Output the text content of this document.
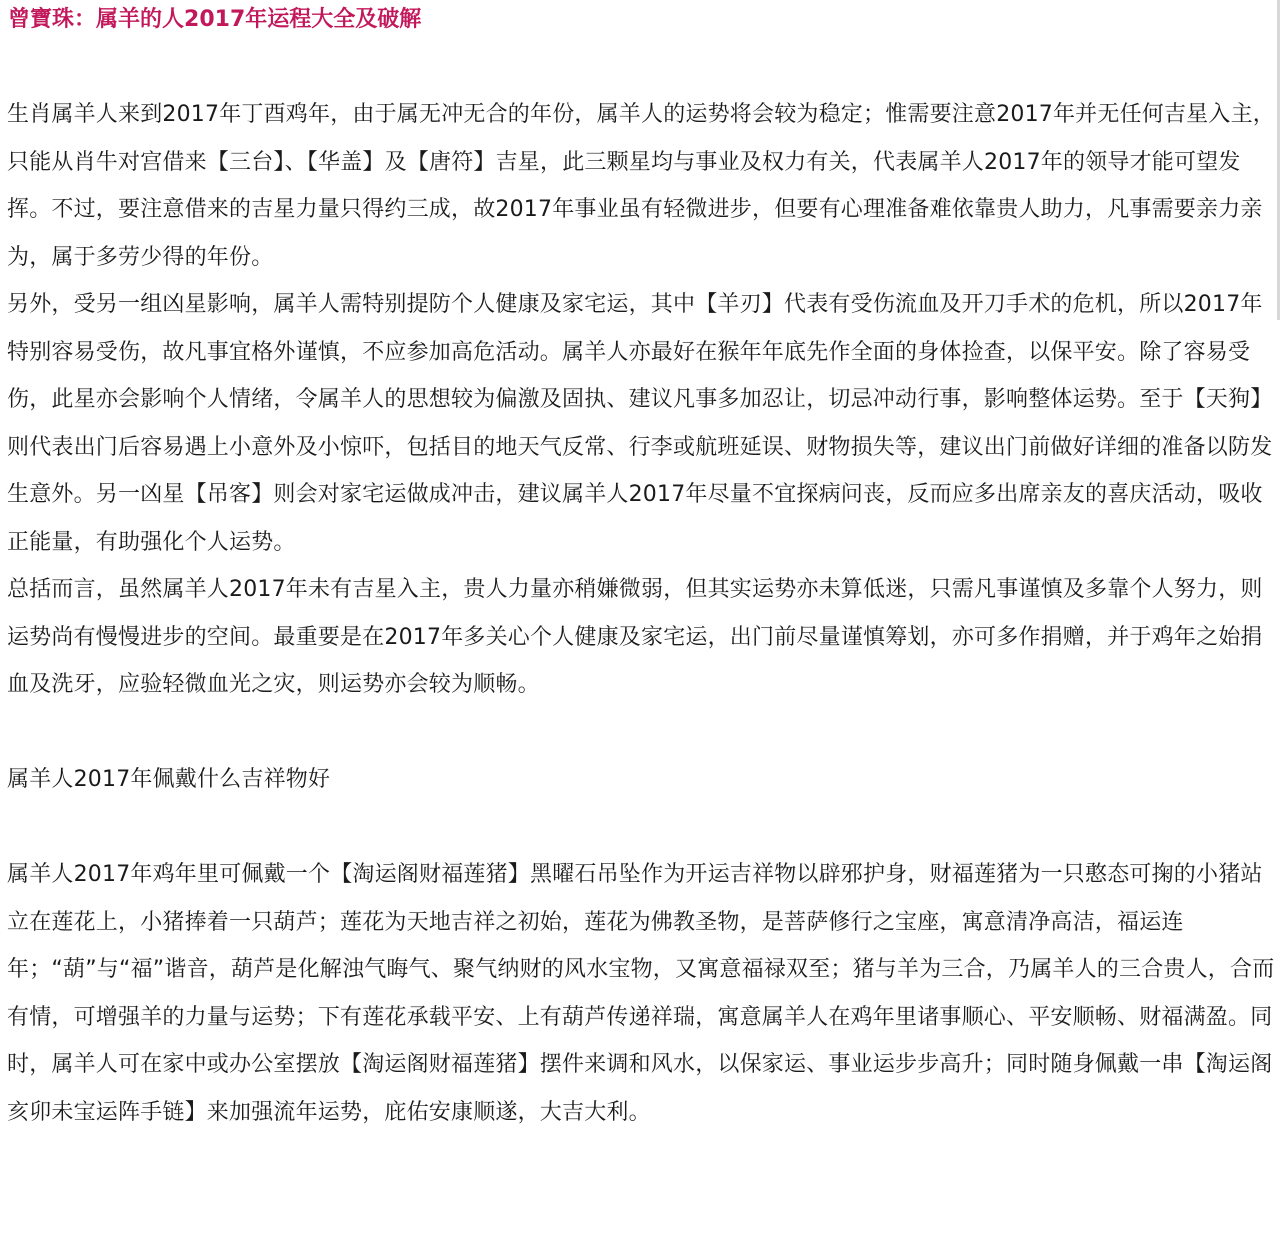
曾寶珠：属羊的人2017年运程大全及破解

生肖属羊人来到2017年丁酉鸡年，由于属无冲无合的年份，属羊人的运势将会较为稳定；惟需要注意2017年并无任何吉星入主，只能从肖牛对宫借来【三台】、【华盖】及【唐符】吉星，此三颗星均与事业及权力有关，代表属羊人2017年的领导才能可望发挥。不过，要注意借来的吉星力量只得约三成，故2017年事业虽有轻微进步，但要有心理准备难依靠贵人助力，凡事需要亲力亲为，属于多劳少得的年份。

另外，受另一组凶星影响，属羊人需特别提防个人健康及家宅运，其中【羊刃】代表有受伤流血及开刀手术的危机，所以2017年特别容易受伤，故凡事宜格外谨慎，不应参加高危活动。属羊人亦最好在猴年年底先作全面的身体捡查，以保平安。除了容易受伤，此星亦会影响个人情绪，令属羊人的思想较为偏激及固执、建议凡事多加忍让，切忌冲动行事，影响整体运势。至于【天狗】则代表出门后容易遇上小意外及小惊吓，包括目的地天气反常、行李或航班延误、财物损失等，建议出门前做好详细的准备以防发生意外。另一凶星【吊客】则会对家宅运做成冲击，建议属羊人2017年尽量不宜探病问丧，反而应多出席亲友的喜庆活动，吸收正能量，有助强化个人运势。

总括而言，虽然属羊人2017年未有吉星入主，贵人力量亦稍嫌微弱，但其实运势亦未算低迷，只需凡事谨慎及多靠个人努力，则运势尚有慢慢进步的空间。最重要是在2017年多关心个人健康及家宅运，出门前尽量谨慎筹划，亦可多作捐赠，并于鸡年之始捐血及洗牙，应验轻微血光之灾，则运势亦会较为顺畅。

属羊人2017年佩戴什么吉祥物好

属羊人2017年鸡年里可佩戴一个【淘运阁财福莲猪】黑曜石吊坠作为开运吉祥物以辟邪护身，财福莲猪为一只憨态可掬的小猪站立在莲花上，小猪捧着一只葫芦；莲花为天地吉祥之初始，莲花为佛教圣物，是菩萨修行之宝座，寓意清净高洁，福运连年；“葫”与“福”谐音，葫芦是化解浊气晦气、聚气纳财的风水宝物，又寓意福禄双至；猪与羊为三合，乃属羊人的三合贵人，合而有情，可增强羊的力量与运势；下有莲花承载平安、上有葫芦传递祥瑞，寓意属羊人在鸡年里诸事顺心、平安顺畅、财福满盈。同时，属羊人可在家中或办公室摆放【淘运阁财福莲猪】摆件来调和风水，以保家运、事业运步步高升；同时随身佩戴一串【淘运阁亥卯未宝运阵手链】来加强流年运势，庇佑安康顺遂，大吉大利。
